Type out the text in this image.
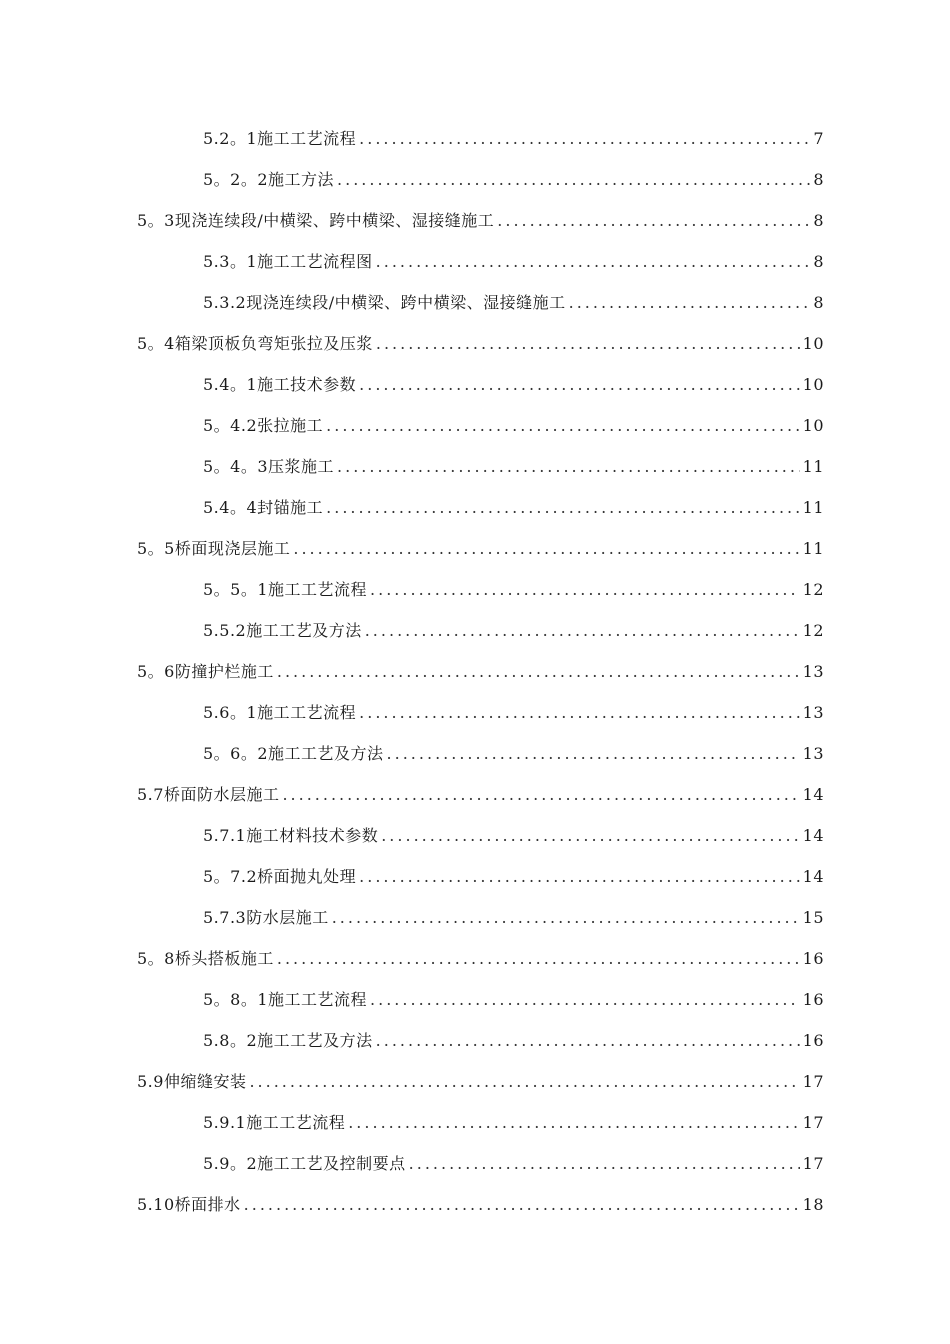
5.2。1施工工艺流程 .....	7
5。2。2施工方法 .....	8
5。3现浇连续段/中横梁、跨中横梁、湿接缝施工 .....	8
5.3。1施工工艺流程图 .....	8
5.3.2现浇连续段/中横梁、跨中横梁、湿接缝施工 .....	8
5。4箱梁顶板负弯矩张拉及压浆 .....	10
5.4。1施工技术参数 .....	10
5。4.2张拉施工 .....	10
5。4。3压浆施工 .....	11
5.4。4封锚施工 .....	11
5。5桥面现浇层施工 .....	11
5。5。1施工工艺流程 .....	12
5.5.2施工工艺及方法 .....	12
5。6防撞护栏施工 .....	13
5.6。1施工工艺流程 .....	13
5。6。2施工工艺及方法 .....	13
5.7桥面防水层施工 .....	14
5.7.1施工材料技术参数 .....	14
5。7.2桥面抛丸处理 .....	14
5.7.3防水层施工 .....	15
5。8桥头搭板施工 .....	16
5。8。1施工工艺流程 .....	16
5.8。2施工工艺及方法 .....	16
5.9伸缩缝安装 .....	17
5.9.1施工工艺流程 .....	17
5.9。2施工工艺及控制要点 .....	17
5.10桥面排水 .....	18
